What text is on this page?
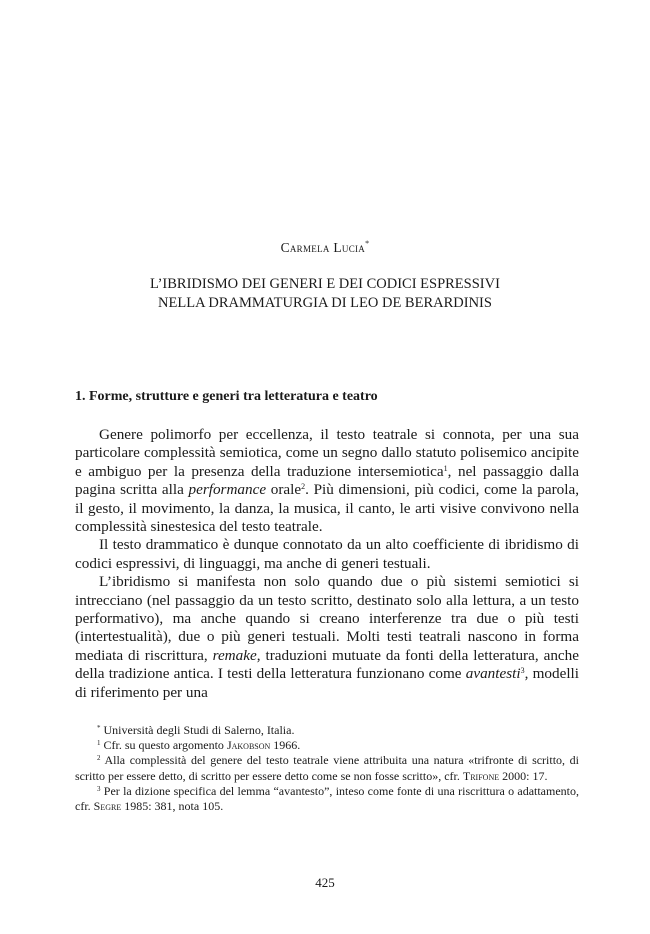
Carmela Lucia*
L’IBRIDISMO DEI GENERI E DEI CODICI ESPRESSIVI
NELLA DRAMMATURGIA DI LEO DE BERARDINIS
1. Forme, strutture e generi tra letteratura e teatro

Genere polimorfo per eccellenza, il testo teatrale si connota, per una sua particolare complessità semiotica, come un segno dallo statuto polisemico ancipite e ambiguo per la presenza della traduzione intersemiotica$^1$, nel passaggio dalla pagina scritta alla performance orale$^2$. Più dimensioni, più codici, come la parola, il gesto, il movimento, la danza, la musica, il canto, le arti visive convivono nella complessità sinestesica del testo teatrale.

Il testo drammatico è dunque connotato da un alto coefficiente di ibridismo di codici espressivi, di linguaggi, ma anche di generi testuali.

L’ibridismo si manifesta non solo quando due o più sistemi semiotici si intrecciano (nel passaggio da un testo scritto, destinato solo alla lettura, a un testo performativo), ma anche quando si creano interferenze tra due o più testi (intertestualità), due o più generi testuali. Molti testi teatrali nascono in forma mediata di riscrittura, remake, traduzioni mutuate da fonti della letteratura, anche della tradizione antica. I testi della letteratura funzionano come avantesti$^3$, modelli di riferimento per una

* Università degli Studi di Salerno, Italia.

$^1$ Cfr. su questo argomento Jakobson 1966.

$^2$ Alla complessità del genere del testo teatrale viene attribuita una natura «trifronte di scritto, di scritto per essere detto, di scritto per essere detto come se non fosse scritto», cfr. Trifone 2000: 17.

$^3$ Per la dizione specifica del lemma “avantesto”, inteso come fonte di una riscrittura o adattamento, cfr. Segre 1985: 381, nota 105.

425
